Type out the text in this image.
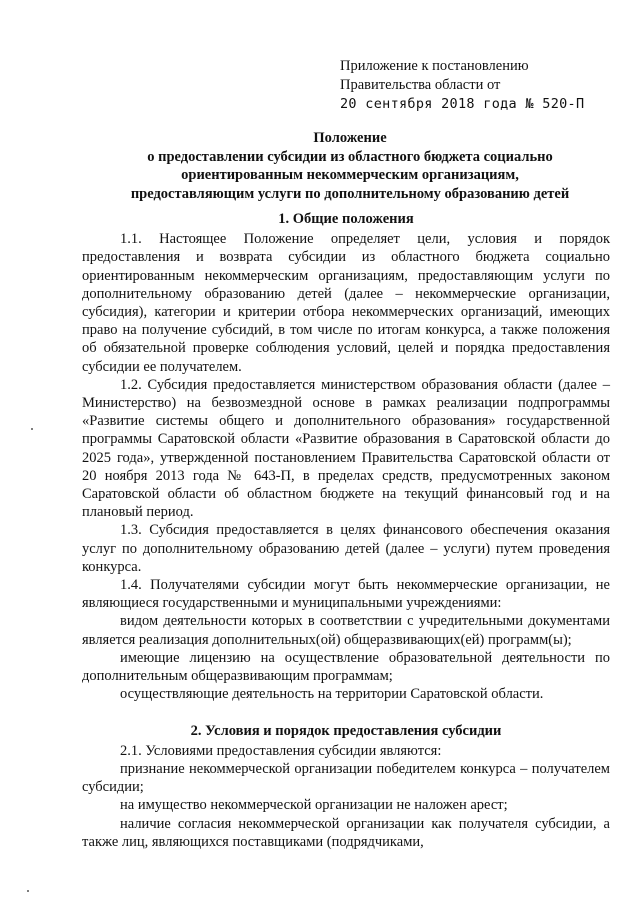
Приложение к постановлению
Правительства области от
20 сентября 2018 года № 520-П
Положение
о предоставлении субсидии из областного бюджета социально
ориентированным некоммерческим организациям,
предоставляющим услуги по дополнительному образованию детей

1. Общие положения

1.1. Настоящее Положение определяет цели, условия и порядок предоставления и возврата субсидии из областного бюджета социально ориентированным некоммерческим организациям, предоставляющим услуги по дополнительному образованию детей (далее – некоммерческие организации, субсидия), категории и критерии отбора некоммерческих организаций, имеющих право на получение субсидий, в том числе по итогам конкурса, а также положения об обязательной проверке соблюдения условий, целей и порядка предоставления субсидии ее получателем.

1.2. Субсидия предоставляется министерством образования области (далее – Министерство) на безвозмездной основе в рамках реализации подпрограммы «Развитие системы общего и дополнительного образования» государственной программы Саратовской области «Развитие образования в Саратовской области до 2025 года», утвержденной постановлением Правительства Саратовской области от 20 ноября 2013 года № 643-П, в пределах средств, предусмотренных законом Саратовской области об областном бюджете на текущий финансовый год и на плановый период.

1.3. Субсидия предоставляется в целях финансового обеспечения оказания услуг по дополнительному образованию детей (далее – услуги) путем проведения конкурса.

1.4. Получателями субсидии могут быть некоммерческие организации, не являющиеся государственными и муниципальными учреждениями:

видом деятельности которых в соответствии с учредительными документами является реализация дополнительных(ой) общеразвивающих(ей) программ(ы);

имеющие лицензию на осуществление образовательной деятельности по дополнительным общеразвивающим программам;

осуществляющие деятельность на территории Саратовской области.

2. Условия и порядок предоставления субсидии

2.1. Условиями предоставления субсидии являются:

признание некоммерческой организации победителем конкурса – получателем субсидии;

на имущество некоммерческой организации не наложен арест;

наличие согласия некоммерческой организации как получателя субсидии, а также лиц, являющихся поставщиками (подрядчиками,
